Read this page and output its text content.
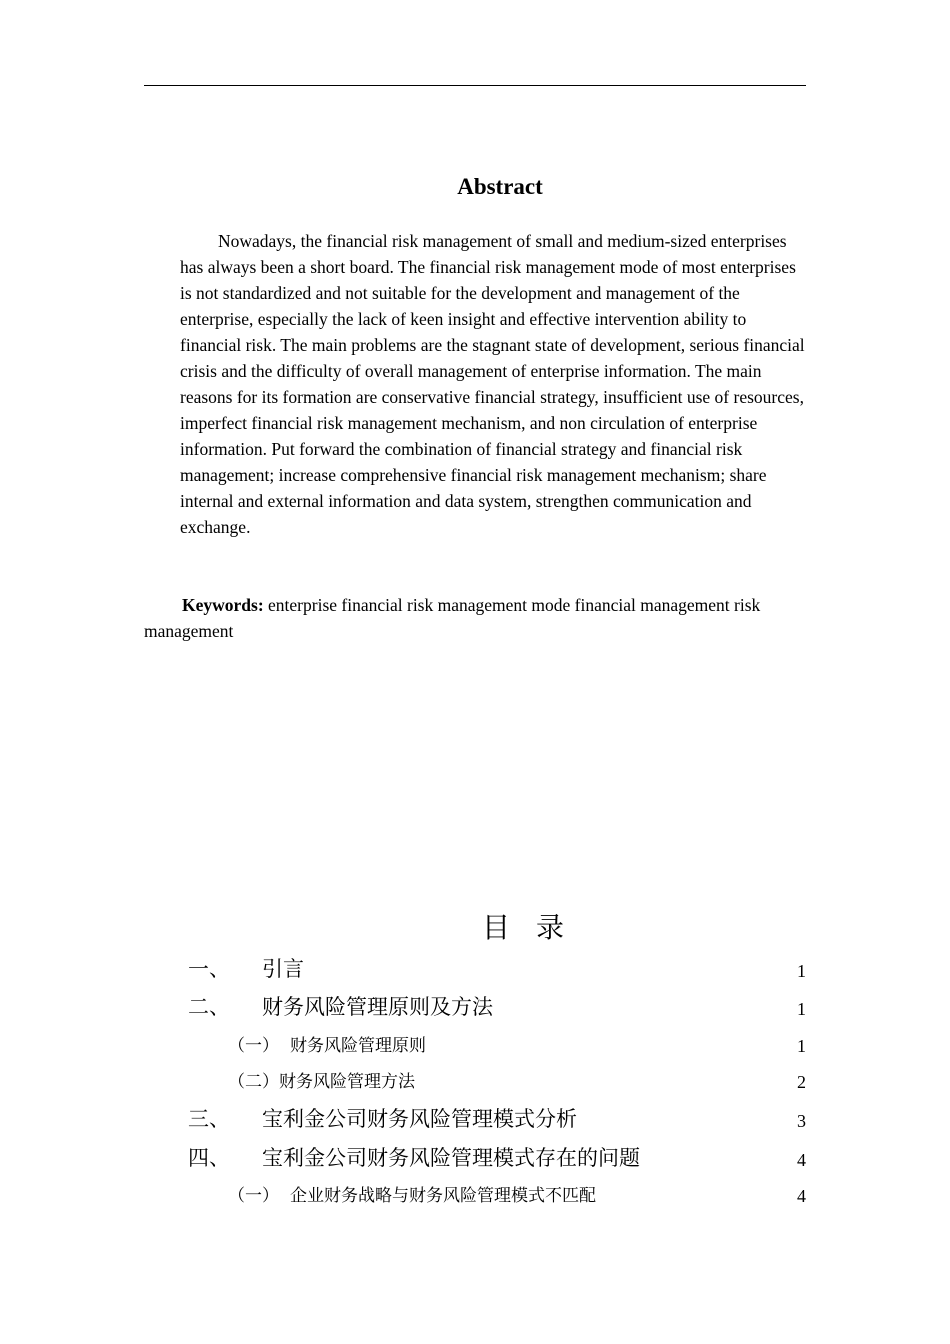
Abstract
Nowadays, the financial risk management of small and medium-sized enterprises has always been a short board. The financial risk management mode of most enterprises is not standardized and not suitable for the development and management of the enterprise, especially the lack of keen insight and effective intervention ability to financial risk. The main problems are the stagnant state of development, serious financial crisis and the difficulty of overall management of enterprise information. The main reasons for its formation are conservative financial strategy, insufficient use of resources, imperfect financial risk management mechanism, and non circulation of enterprise information. Put forward the combination of financial strategy and financial risk management; increase comprehensive financial risk management mechanism; share internal and external information and data system, strengthen communication and exchange.
Keywords: enterprise financial risk management mode financial management risk management
目录
一、 引言	1
二、 财务风险管理原则及方法	1
（一） 财务风险管理原则	1
（二） 财务风险管理方法	2
三、 宝利金公司财务风险管理模式分析	3
四、 宝利金公司财务风险管理模式存在的问题	4
（一） 企业财务战略与财务风险管理模式不匹配	4
